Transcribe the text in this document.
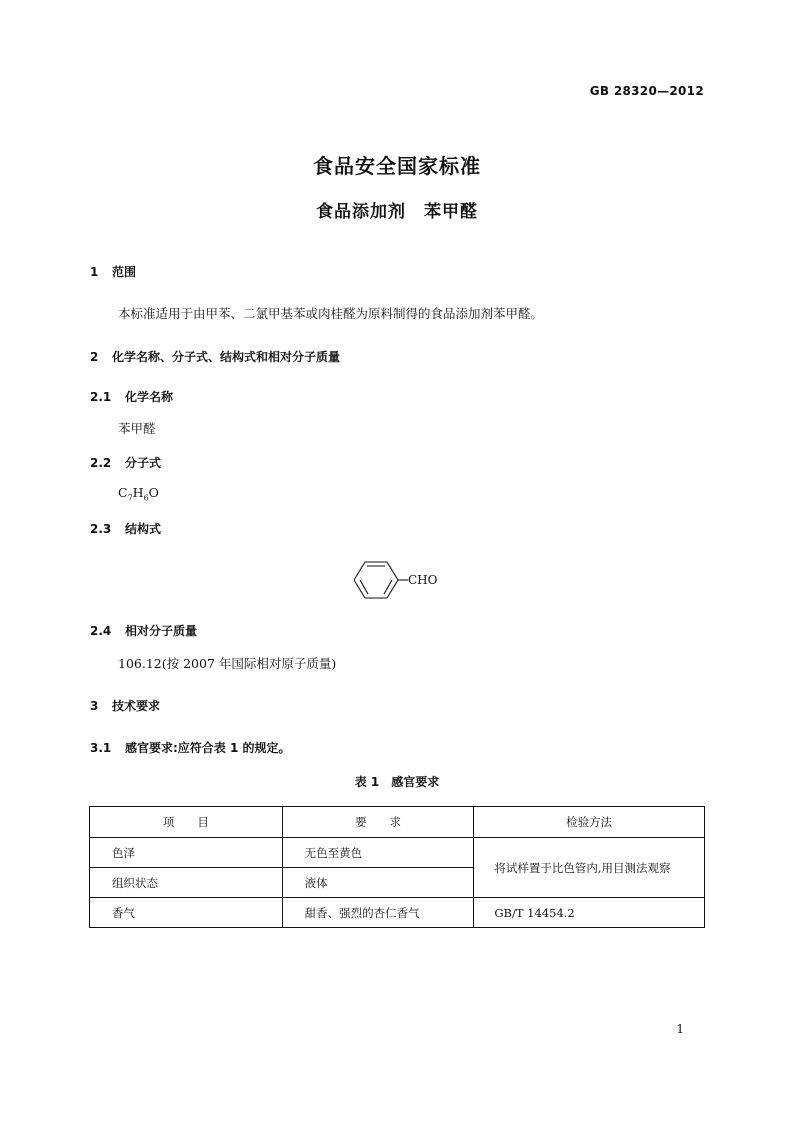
GB 28320—2012
食品安全国家标准
食品添加剂　苯甲醛
1 范围
本标准适用于由甲苯、二氯甲基苯或肉桂醛为原料制得的食品添加剂苯甲醛。
2 化学名称、分子式、结构式和相对分子质量
2.1 化学名称
苯甲醛
2.2 分子式
$C_7H_6O$
2.3 结构式
CHO
2.4 相对分子质量
106.12(按 2007 年国际相对原子质量)
3 技术要求
3.1 感官要求:应符合表 1 的规定。
表 1　感官要求
项　　目	要　　求	检验方法
色泽	无色至黄色	将试样置于比色管内,用目测法观察
组织状态	液体	
香气	甜香、强烈的杏仁香气	GB/T 14454.2
1
